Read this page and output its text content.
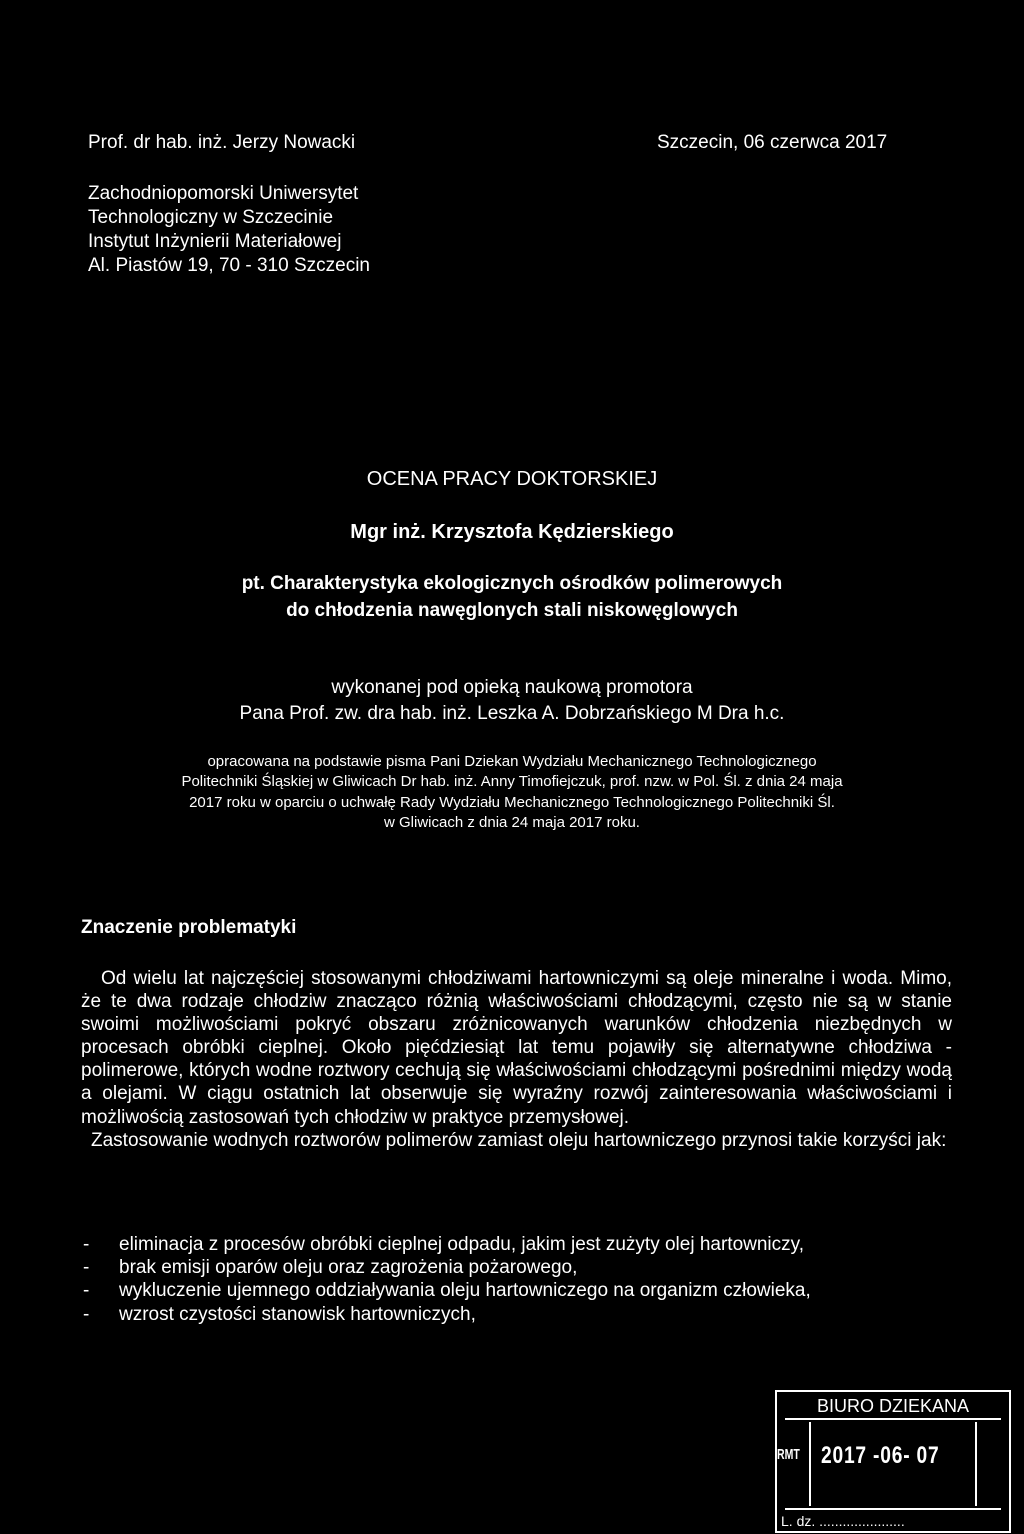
Prof. dr hab. inż. Jerzy Nowacki	Szczecin, 06 czerwca 2017
Zachodniopomorski Uniwersytet
Technologiczny w Szczecinie
Instytut Inżynierii Materiałowej
Al. Piastów 19, 70 - 310 Szczecin
OCENA PRACY DOKTORSKIEJ
Mgr inż. Krzysztofa Kędzierskiego
pt. Charakterystyka ekologicznych ośrodków polimerowych
do chłodzenia nawęglonych stali niskowęglowych
wykonanej pod opieką naukową promotora
Pana Prof. zw. dra hab. inż. Leszka A. Dobrzańskiego M Dra h.c.
opracowana na podstawie pisma Pani Dziekan Wydziału Mechanicznego Technologicznego
Politechniki Śląskiej w Gliwicach Dr hab. inż. Anny Timofiejczuk, prof. nzw. w Pol. Śl. z dnia 24 maja
2017 roku w oparciu o uchwałę Rady Wydziału Mechanicznego Technologicznego Politechniki Śl.
w Gliwicach z dnia 24 maja 2017 roku.
Znaczenie problematyki

Od wielu lat najczęściej stosowanymi chłodziwami hartowniczymi są oleje mineralne i woda. Mimo, że te dwa rodzaje chłodziw znacząco różnią właściwościami chłodzącymi, często nie są w stanie swoimi możliwościami pokryć obszaru zróżnicowanych warunków chłodzenia niezbędnych w procesach obróbki cieplnej. Około pięćdziesiąt lat temu pojawiły się alternatywne chłodziwa - polimerowe, których wodne roztwory cechują się właściwościami chłodzącymi pośrednimi między wodą a olejami. W ciągu ostatnich lat obserwuje się wyraźny rozwój zainteresowania właściwościami i możliwością zastosowań tych chłodziw w praktyce przemysłowej.

Zastosowanie wodnych roztworów polimerów zamiast oleju hartowniczego przynosi takie korzyści jak:

- eliminacja z procesów obróbki cieplnej odpadu, jakim jest zużyty olej hartowniczy,
- brak emisji oparów oleju oraz zagrożenia pożarowego,
- wykluczenie ujemnego oddziaływania oleju hartowniczego na organizm człowieka,
- wzrost czystości stanowisk hartowniczych,
BIURO DZIEKANA
RMT 2017 -06- 07
L. dz. ......................
